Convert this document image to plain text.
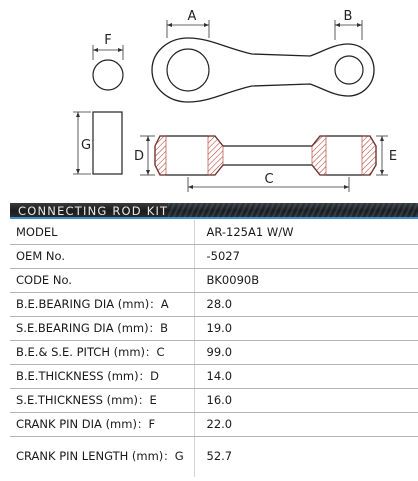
F
G
A	B
D	E
C
CONNECTING ROD KIT
MODEL	AR-125A1 W/W
OEM No.	-5027
CODE No.	BK0090B
B.E.BEARING DIA (mm)：A	28.0
S.E.BEARING DIA (mm)：B	19.0
B.E.& S.E. PITCH (mm)：C	99.0
B.E.THICKNESS (mm)：D	14.0
S.E.THICKNESS (mm)：E	16.0
CRANK PIN DIA (mm)：F	22.0
CRANK PIN LENGTH (mm)：G	52.7
